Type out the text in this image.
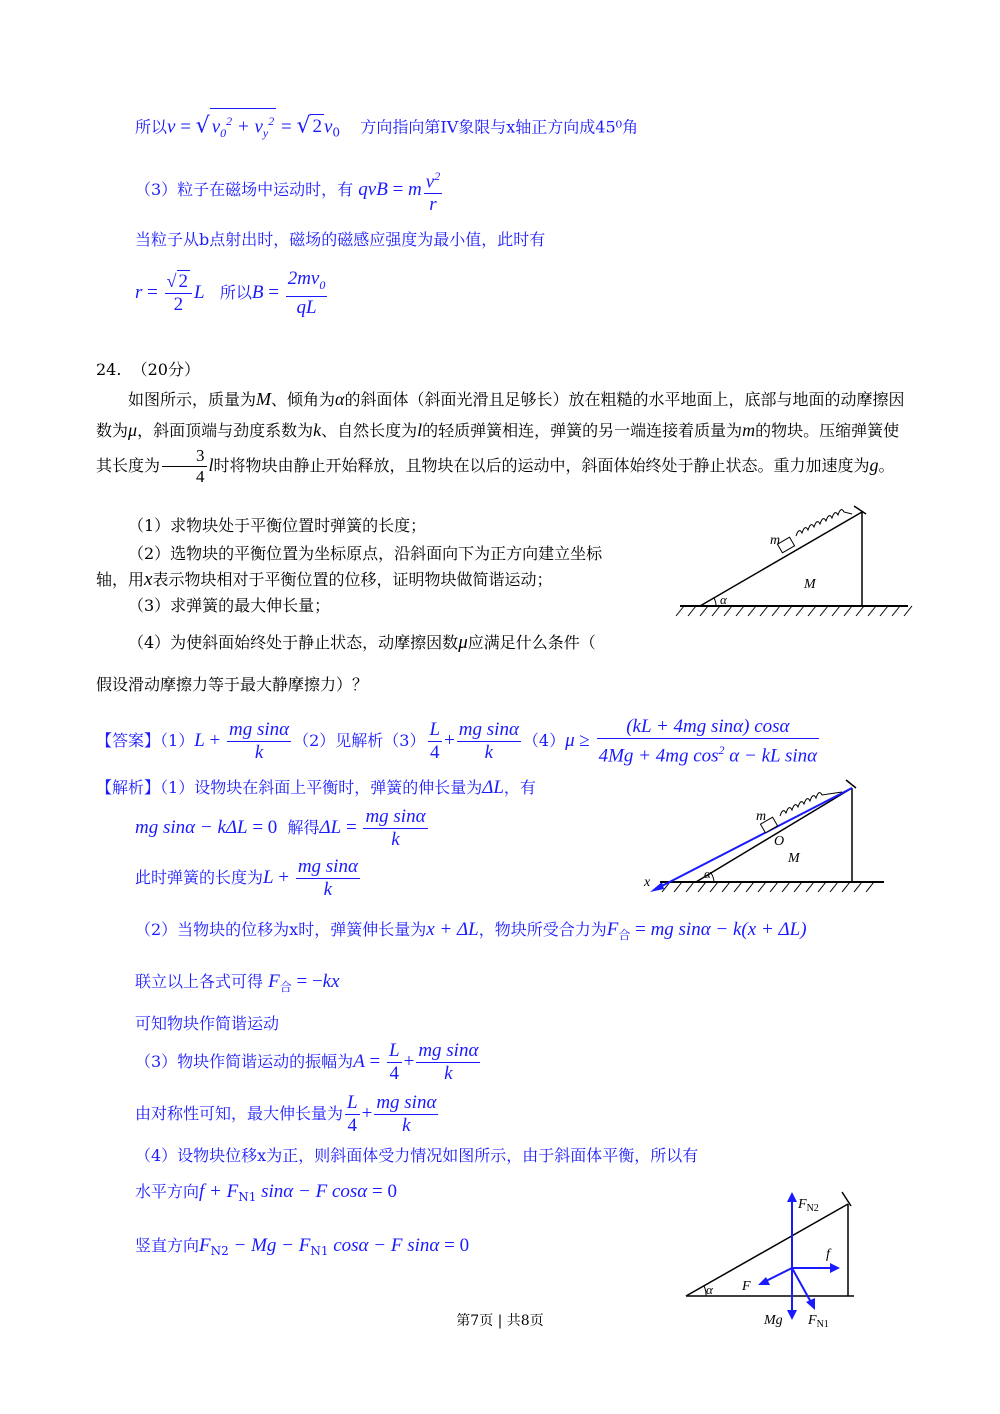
所以v = √ $v_0^2 + v_y^2$ = √ 2 $v_0$ 方向指向第IV象限与x轴正方向成45⁰角
（3）粒子在磁场中运动时，有 qvB = m $\frac{v^2}{r}$
当粒子从b点射出时，磁场的磁感应强度为最小值，此时有
$r = \frac{√ 2}{2}$ L 所以$B = \frac{2mv_0}{qL}$
24. （20分）
如图所示，质量为M、倾角为α的斜面体（斜面光滑且足够长）放在粗糙的水平地面上，底部与地面的动摩擦因数为μ，斜面顶端与劲度系数为k、自然长度为l的轻质弹簧相连，弹簧的另一端连接着质量为m的物块。压缩弹簧使其长度为 $\frac{3}{4}$ l时将物块由静止开始释放，且物块在以后的运动中，斜面体始终处于静止状态。重力加速度为g。
（1）求物块处于平衡位置时弹簧的长度；
（2）选物块的平衡位置为坐标原点，沿斜面向下为正方向建立坐标
轴，用x表示物块相对于平衡位置的位移，证明物块做简谐运动；
（3）求弹簧的最大伸长量；
（4）为使斜面始终处于静止状态，动摩擦因数μ应满足什么条件（
假设滑动摩擦力等于最大静摩擦力）？
m
M
α
【答案】$(1)L + \frac{\text{mg sinα}}{k} (2)$见解析$(3) \frac{L}{4} + \frac{\text{mg sinα}}{k} (4)\mu \ge \frac{\text{(kL + 4mg sinα) cosα}}{4Mg + 4mg \cos^2 \alpha - kL \sin\alpha}$
【解析】（1）设物块在斜面上平衡时，弹簧的伸长量为ΔL，有
mg sinα − kΔL = 0 解得$\Delta L = \frac{\text{mg sinα}}{k}$
此时弹簧的长度为$L + \frac{\text{mg sinα}}{k}$
m
O
M
x
α
（2）当物块的位移为x时，弹簧伸长量为x + ΔL，物块所受合力为$F_合$ = mg sinα − k(x + ΔL)
联立以上各式可得 $F_合 = -kx$
可知物块作简谐运动
（3）物块作简谐运动的振幅为$A = \frac{L}{4} + \frac{\text{mg sinα}}{k}$
由对称性可知，最大伸长量为 $\frac{L}{4} + \frac{\text{mg sinα}}{k}$
（4）设物块位移x为正，则斜面体受力情况如图所示，由于斜面体平衡，所以有
水平方向$f + F_{N1}$ sinα − F cosα = 0
竖直方向$F_{N2} - Mg - F_{N1}$ cosα − F sinα = 0
α
$F_{N2}$
f
F
Mg $F_{N1}$
第7页 | 共8页
